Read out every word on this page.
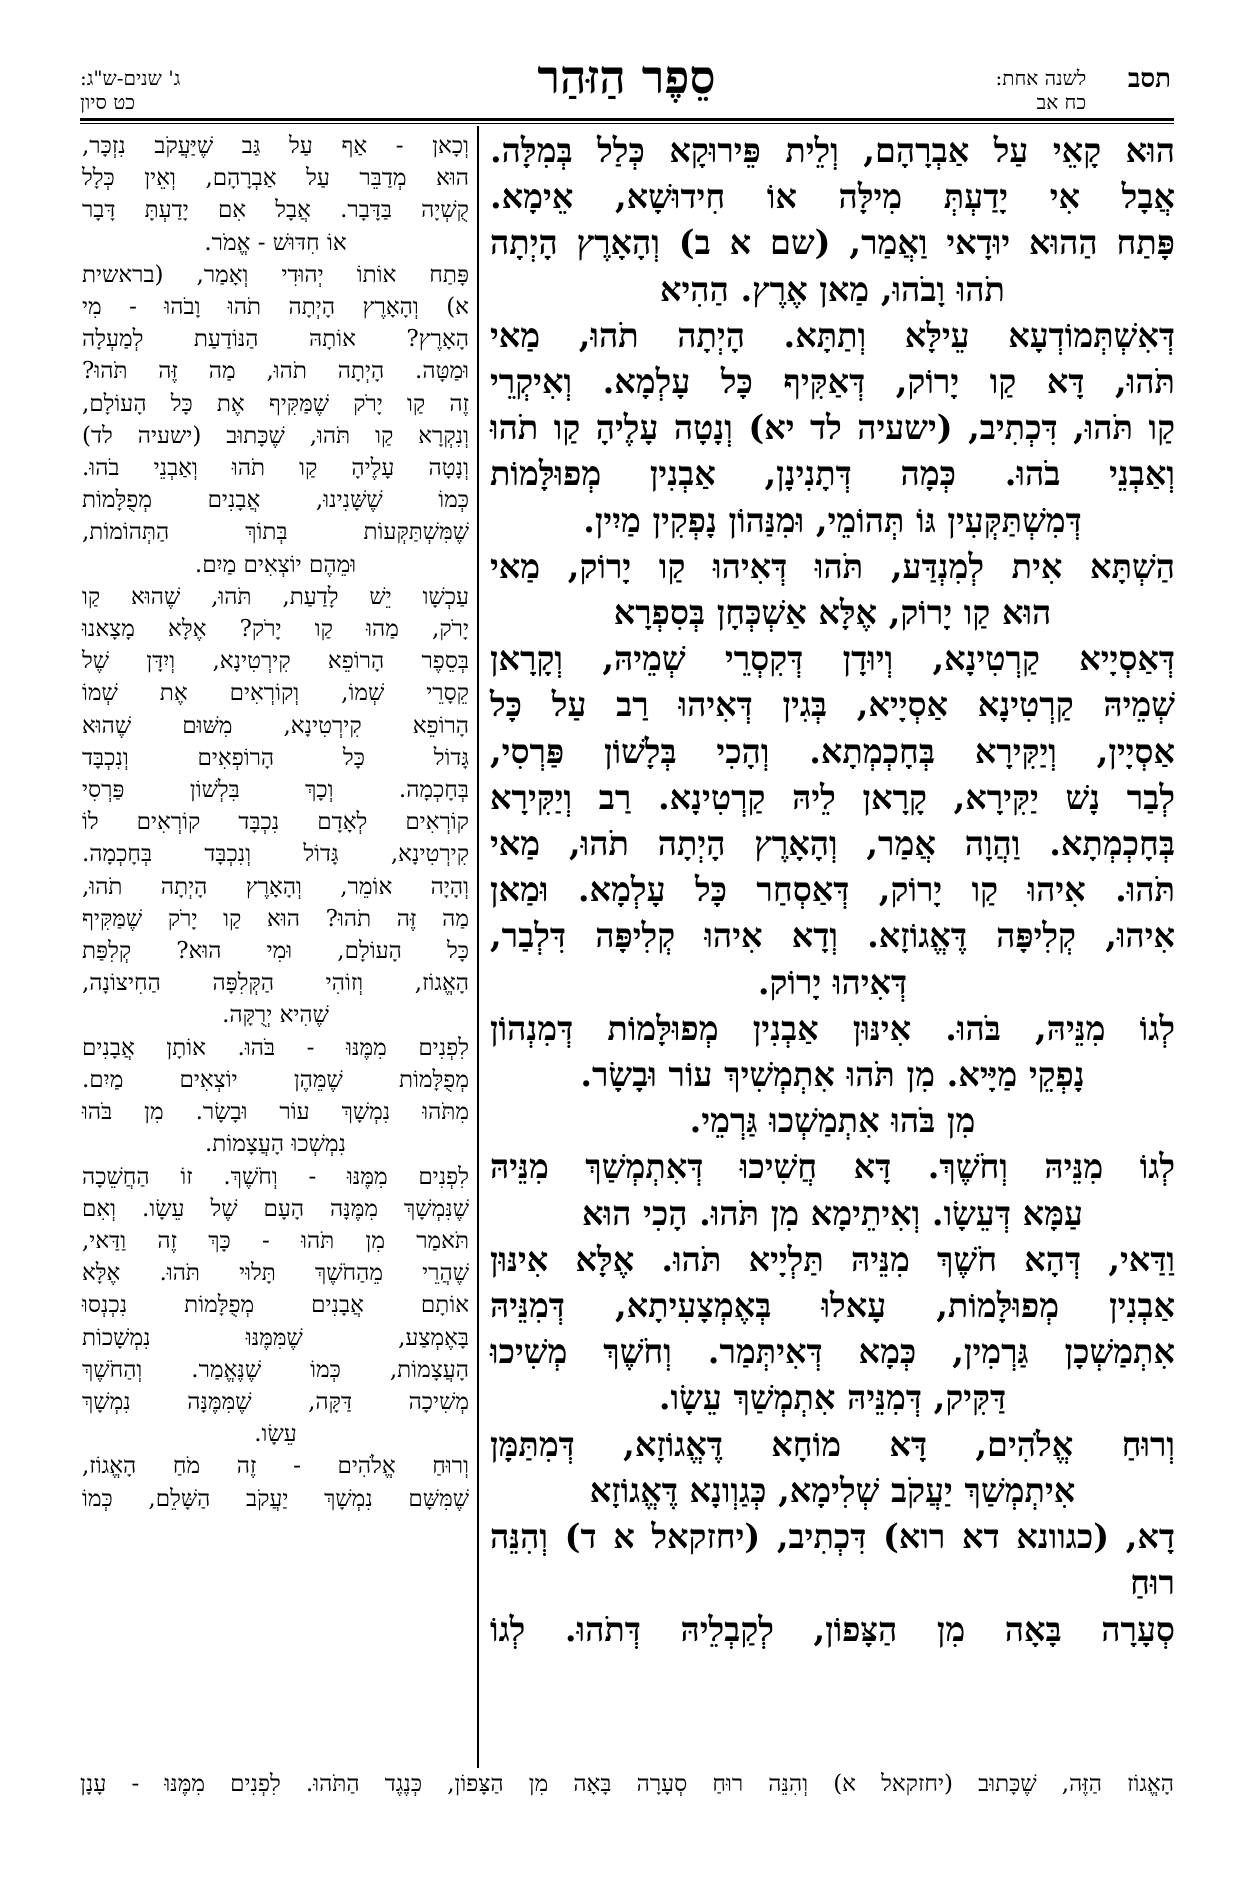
תסב לשנה אחת:
כח אב
סֵפֶר הַזּהַר
ג' שנים-ש"ג:
כט סיון

הוּא קָאֵי עַל אַבְרָהָם, וְלֵית פֵּירוּקָא כְּלַל בְּמִלָּה.

אֲבָל אִי יָדַעְתְּ מִילָּה אוֹ חִידוּשָׁא, אֵימָא.

פָּתַח הַהוּא יוּדָאי וַאֲמַר, (שם א ב) וְהָאָרֶץ הָיְתָה

תֹהוּ וָבֹהוּ, מַאן אֶרֶץ. הַהִיא

דְּאִשְׁתְּמוֹדְעָא עֵילָּא וְתַתָּא. הָיְתָה תֹהוּ, מַאי

תֹּהוּ, דָּא קַו יָרוֹק, דְּאַקִּיף כָּל עָלְמָא. וְאִיקְרֵי

קַו תֹּהוּ, דִּכְתִיב, (ישעיה לד יא) וְנָטָה עָלֶיהָ קַו תֹהוּ

וְאַבְנֵי בֹהוּ. כְּמָה דְּתָנִינָן, אַבְנִין מְפוּלָּמוֹת

דְּמִשְׁתַּקְּעִין גּוֹ תְּהוֹמֵי, וּמִנַּהוֹן נָפְקִין מַיִין.

הַשְׁתָּא אִית לְמִנְדַּע, תֹּהוּ דְּאִיהוּ קַו יָרוֹק, מַאי

הוּא קַו יָרוֹק, אֶלָּא אַשְׁכְּחָן בְּסִפְרָא

דְּאַסְיָיא קַרְטִינָא, וְיוּדָן דְּקִסְרֵי שְׁמֵיהּ, וְקָרָאן

שְׁמֵיהּ קַרְטִינָא אַסְיָיא, בְּגִין דְּאִיהוּ רַב עַל כָּל

אַסְיָין, וְיַקִּירָא בְּחָכְמְתָא. וְהָכִי בְּלָשׁוֹן פַּרְסִי,

לְבַר נָשׁ יַקִּירָא, קָרָאן לֵיהּ קַרְטִינָא. רַב וְיַקִּירָא

בְּחָכְמְתָא. וַהֲוָה אֲמַר, וְהָאָרֶץ הָיְתָה תֹהוּ, מַאי

תֹּהוּ. אִיהוּ קַו יָרוֹק, דְּאַסְחַר כָּל עָלְמָא. וּמַאן

אִיהוּ, קְלִיפָּה דֶּאֱגוֹזָא. וְדָא אִיהוּ קְלִיפָּה דִּלְבַר,

דְּאִיהוּ יָרוֹק.

לְגוֹ מִנֵּיהּ, בֹּהוּ. אִינּוּן אַבְנִין מְפוּלָּמוֹת דְּמִנְהוֹן

נָפְקֵי מַיָּיא. מִן תֹּהוּ אִתְמְשִׁיךְ עוֹר וּבָשָׂר.

מִן בֹּהוּ אִתְמַשְׁכוּ גַּרְמֵי.

לְגוֹ מִנֵּיהּ וְחֹשֶׁךְ. דָּא חֲשִׁיכוּ דְּאִתְמְשַׁךְ מִנֵּיהּ

עַמָּא דְּעֵשָׂו. וְאִיתֵימָא מִן תֹּהוּ. הָכִי הוּא

וַדַּאי, דְּהָא חֹשֶׁךְ מִנֵּיהּ תַּלְיָיא תֹּהוּ. אֶלָּא אִינּוּן

אַבְנִין מְפוּלָּמוֹת, עָאלוּ בְּאֶמְצָעִיתָא, דְּמִנֵּיהּ

אִתְמַשְׁכָן גַּרְמִין, כְּמָא דְּאִיתְּמַר. וְחֹשֶׁךְ מְשִׁיכוּ

דַּקִּיק, דְּמִנֵּיהּ אִתְמְשַׁךְ עֵשָׂו.

וְרוּחַ אֱלֹהִים, דָּא מוֹחָא דֶּאֱגוֹזָא, דְּמִתַּמָּן

אִיתְמְשַׁךְ יַעֲקֹב שְׁלִימָא, כְּגַוְונָא דֶּאֱגוֹזָא

דָא, (כגוונא דא רוא) דִּכְתִיב, (יחזקאל א ד) וְהִנֵּה רוּחַ

סְעָרָה בָּאָה מִן הַצָּפוֹן, לְקַבְלֵיהּ דְּתֹהוּ. לְגוֹ

וְכָאן - אַף עַל גַּב שֶׁיַּעֲקֹב נִזְכָּר,

הוּא מְדַבֵּר עַל אַבְרָהָם, וְאֵין כְּלָל

קֻשְׁיָה בַּדָּבָר. אֲבָל אִם יָדַעְתָּ דָּבָר

אוֹ חִדּוּשׁ - אֱמֹר.

פָּתַח אוֹתוֹ יְהוּדִי וְאָמַר, (בראשית

א) וְהָאָרֶץ הָיְתָה תֹהוּ וָבֹהוּ - מִי

הָאָרֶץ? אוֹתָהּ הַנּוֹדַעַת לְמַעְלָה

וּמַטָּה. הָיְתָה תֹהוּ, מַה זֶּה תֹּהוּ?

זֶה קַו יָרֹק שֶׁמַּקִּיף אֶת כָּל הָעוֹלָם,

וְנִקְרָא קַו תֹּהוּ, שֶׁכָּתוּב (ישעיה לד)

וְנָטָה עָלֶיהָ קַו תֹהוּ וְאַבְנֵי בֹהוּ.

כְּמוֹ שֶׁשָּׁנִינוּ, אֲבָנִים מְפֻלָּמוֹת

שֶׁמִּשְׁתַּקְּעוֹת בְּתוֹךְ הַתְּהוֹמוֹת,

וּמֵהֶם יוֹצְאִים מַיִם.

עַכְשָׁו יֵשׁ לָדַעַת, תֹּהוּ, שֶׁהוּא קַו

יָרֹק, מַהוּ קַו יָרֹק? אֶלָּא מָצָאנוּ

בְּסֵפֶר הָרוֹפֵא קִירְטִינָא, וְיִדָּן שֶׁל

קֵסָרֵי שְׁמוֹ, וְקוֹרְאִים אֶת שְׁמוֹ

הָרוֹפֵא קִירְטִינָא, מִשּׁוּם שֶׁהוּא

גָּדוֹל כָּל הָרוֹפְאִים וְנִכְבָּד

בְּחָכְמָה. וְכָךְ בִּלְשׁוֹן פַּרְסִי

קוֹרְאִים לְאָדָם נִכְבָּד קוֹרְאִים לוֹ

קִירְטִינָא, גָּדוֹל וְנִכְבָּד בְּחָכְמָה.

וְהָיָה אוֹמֵר, וְהָאָרֶץ הָיְתָה תֹהוּ,

מַה זֶּה תֹהוּ? הוּא קַו יָרֹק שֶׁמַּקִּיף

כָּל הָעוֹלָם, וּמִי הוּא? קְלִפַּת

הָאֱגוֹז, וְזוֹהִי הַקְּלִפָּה הַחִיצוֹנָה,

שֶׁהִיא יְרֻקָּה.

לִפְנִים מִמֶּנּוּ - בֹּהוּ. אוֹתָן אֲבָנִים

מְפֻלָּמוֹת שֶׁמֵּהֶן יוֹצְאִים מַיִם.

מִתֹּהוּ נִמְשָׁךְ עוֹר וּבָשָׂר. מִן בֹּהוּ

נִמְשְׁכוּ הָעֲצָמוֹת.

לִפְנִים מִמֶּנּוּ - וְחֹשֶׁךְ. זוֹ הַחֲשֵׁכָה

שֶׁנִּמְשָׁךְ מִמֶּנָּה הָעָם שֶׁל עֵשָׂו. וְאִם

תֹּאמַר מִן תֹּהוּ - כָּךְ זֶה וַדַּאי,

שֶׁהֲרֵי מֵהַחֹשֶׁךְ תָּלוּי תֹּהוּ. אֶלָּא

אוֹתָם אֲבָנִים מְפֻלָּמוֹת נִכְנְסוּ

בָּאֶמְצַע, שֶׁמִּמֶּנּוּ נִמְשָׁכוֹת

הָעֲצָמוֹת, כְּמוֹ שֶׁנֶּאֱמַר. וְהַחֹשֶׁךְ

מְשִׁיכָה דַּקָּה, שֶׁמִּמֶּנָּה נִמְשָׁךְ

עֵשָׂו.

וְרוּחַ אֱלֹהִים - זֶה מֹחַ הָאֱגוֹז,

שֶׁמִּשָּׁם נִמְשָׁךְ יַעֲקֹב הַשָּׁלֵם, כְּמוֹ

הָאֱגוֹז הַזֶּה, שֶׁכָּתוּב (יחזקאל א) וְהִנֵּה רוּחַ סְעָרָה בָּאָה מִן הַצָּפוֹן, כְּנֶגֶד הַתֹּהוּ. לִפְנִים מִמֶּנּוּ - עָנָן
